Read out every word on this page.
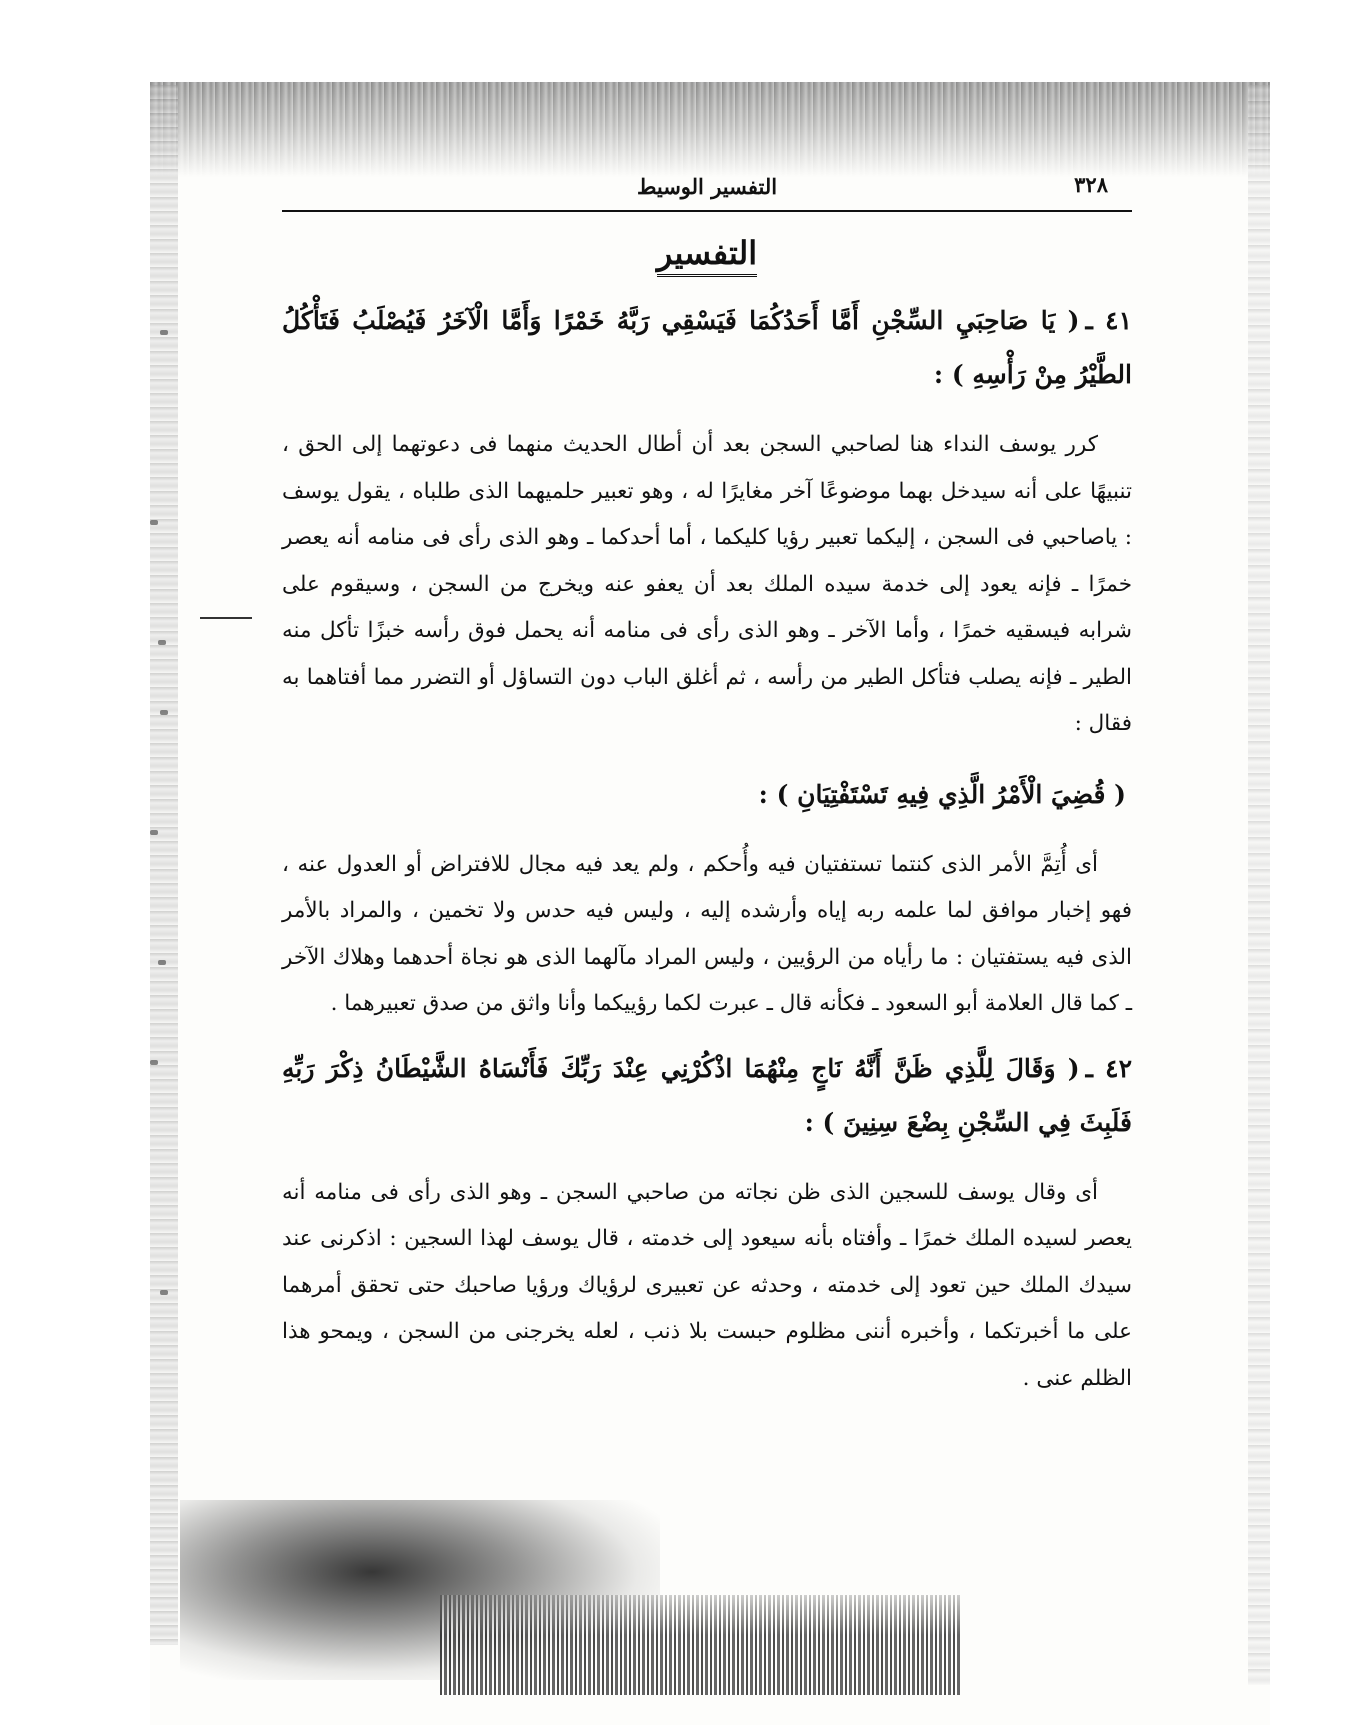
٣٢٨
التفسير الوسيط
التفسير

٤١ ـ( يَا صَاحِبَيِ السِّجْنِ أَمَّا أَحَدُكُمَا فَيَسْقِي رَبَّهُ خَمْرًا وَأَمَّا الْآخَرُ فَيُصْلَبُ فَتَأْكُلُ الطَّيْرُ مِنْ رَأْسِهِ ) :

كرر يوسف النداء هنا لصاحبي السجن بعد أن أطال الحديث منهما فى دعوتهما إلى الحق ، تنبيهًا على أنه سيدخل بهما موضوعًا آخر مغايرًا له ، وهو تعبير حلميهما الذى طلباه ، يقول يوسف : ياصاحبي فى السجن ، إليكما تعبير رؤيا كليكما ، أما أحدكما ـ وهو الذى رأى فى منامه أنه يعصر خمرًا ـ فإنه يعود إلى خدمة سيده الملك بعد أن يعفو عنه ويخرج من السجن ، وسيقوم على شرابه فيسقيه خمرًا ، وأما الآخر ـ وهو الذى رأى فى منامه أنه يحمل فوق رأسه خبزًا تأكل منه الطير ـ فإنه يصلب فتأكل الطير من رأسه ، ثم أغلق الباب دون التساؤل أو التضرر مما أفتاهما به فقال :

( قُضِيَ الْأَمْرُ الَّذِي فِيهِ تَسْتَفْتِيَانِ ) :

أى أُتِمَّ الأمر الذى كنتما تستفتيان فيه وأُحكم ، ولم يعد فيه مجال للافتراض أو العدول عنه ، فهو إخبار موافق لما علمه ربه إياه وأرشده إليه ، وليس فيه حدس ولا تخمين ، والمراد بالأمر الذى فيه يستفتيان : ما رأياه من الرؤيين ، وليس المراد مآلهما الذى هو نجاة أحدهما وهلاك الآخر ـ كما قال العلامة أبو السعود ـ فكأنه قال ـ عبرت لكما رؤييكما وأنا واثق من صدق تعبيرهما .

٤٢ ـ( وَقَالَ لِلَّذِي ظَنَّ أَنَّهُ نَاجٍ مِنْهُمَا اذْكُرْنِي عِنْدَ رَبِّكَ فَأَنْسَاهُ الشَّيْطَانُ ذِكْرَ رَبِّهِ فَلَبِثَ فِي السِّجْنِ بِضْعَ سِنِينَ ) :

أى وقال يوسف للسجين الذى ظن نجاته من صاحبي السجن ـ وهو الذى رأى فى منامه أنه يعصر لسيده الملك خمرًا ـ وأفتاه بأنه سيعود إلى خدمته ، قال يوسف لهذا السجين : اذكرنى عند سيدك الملك حين تعود إلى خدمته ، وحدثه عن تعبيرى لرؤياك ورؤيا صاحبك حتى تحقق أمرهما على ما أخبرتكما ، وأخبره أننى مظلوم حبست بلا ذنب ، لعله يخرجنى من السجن ، ويمحو هذا الظلم عنى .
